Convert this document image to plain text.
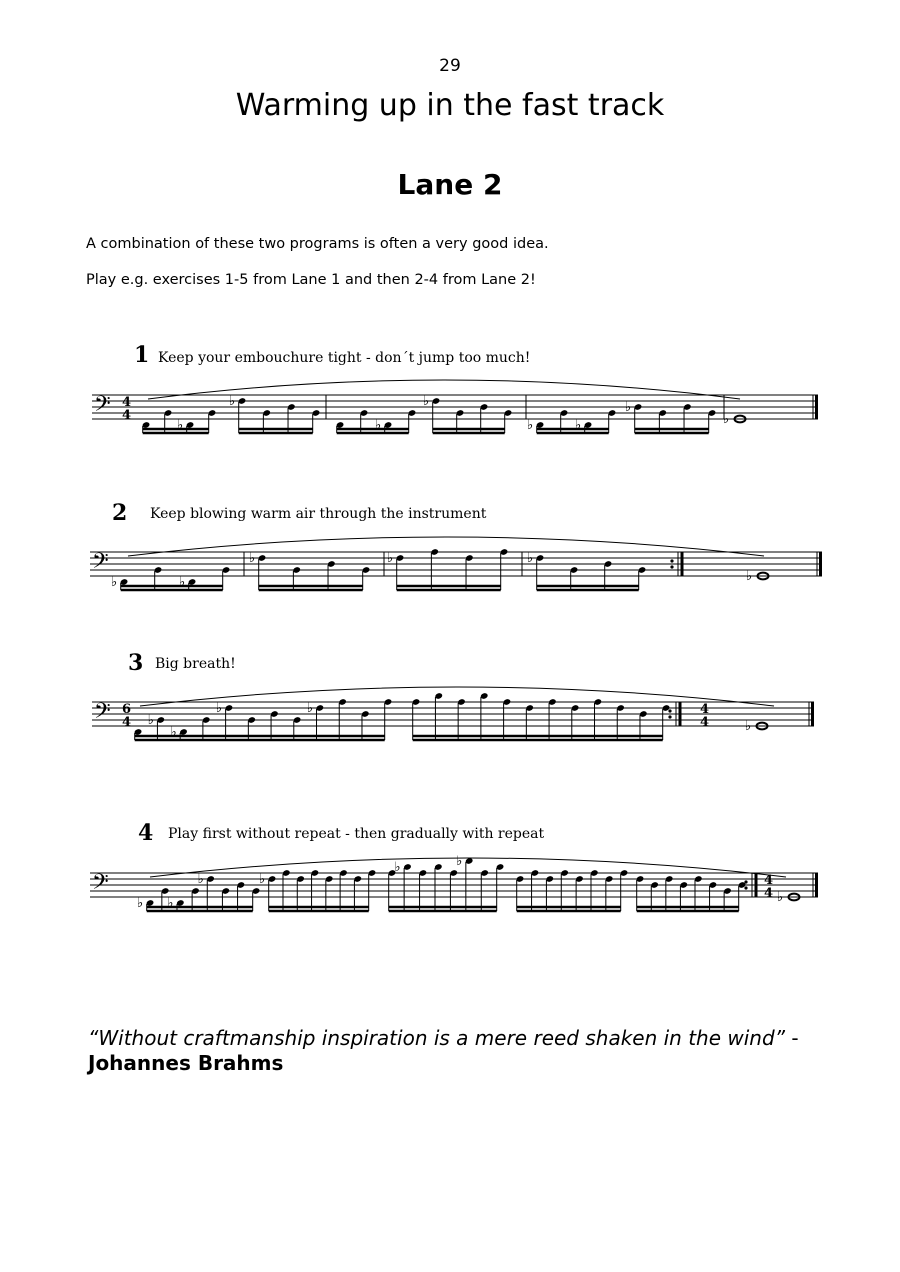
29
Warming up in the fast track
Lane 2
A combination of these two programs is often a very good idea.
Play e.g. exercises 1-5 from Lane 1 and then 2-4 from Lane 2!
1 Keep your embouchure tight - don´t jump too much!
𝄢 4
4
♭
♭
♭
♭
♭	♭
♭
♭
2 Keep blowing warm air through the instrument
𝄢
♭	♭
♭	♭	♭
♭
3 Big breath!
𝄢 6
4 ♭
♭
♭	♭	4
4	♭
4 Play first without repeat - then gradually with repeat
𝄢
♭ ♭
♭	♭
♭	♭
4
4 ♭
“Without craftmanship inspiration is a mere reed shaken in the wind” - Johannes Brahms
